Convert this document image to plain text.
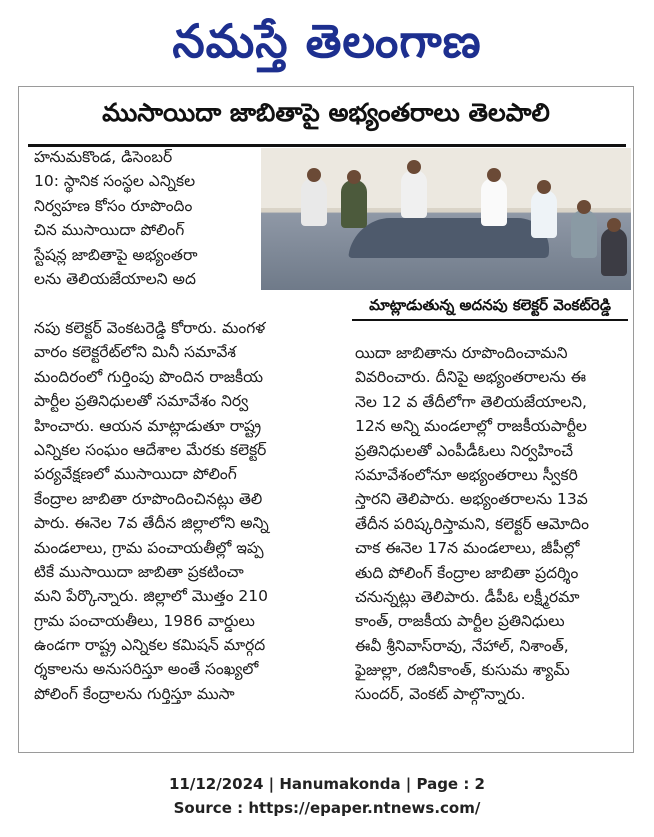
నమస్తే తెలంగాణ
ముసాయిదా జాబితాపై అభ్యంతరాలు తెలపాలి
హనుమకొండ, డిసెంబర్
10: స్థానిక సంస్థల ఎన్నికల
నిర్వహణ కోసం రూపొందిం
చిన ముసాయిదా పోలింగ్
స్టేషన్ల జాబితాపై అభ్యంతరా
లను తెలియజేయాలని అద
మాట్లాడుతున్న అదనపు కలెక్టర్ వెంకట్‌రెడ్డి
నపు కలెక్టర్ వెంకటరెడ్డి కోరారు. మంగళ
వారం కలెక్టరేట్‌లోని మినీ సమావేశ
మందిరంలో గుర్తింపు పొందిన రాజకీయ
పార్టీల ప్రతినిధులతో సమావేశం నిర్వ
హించారు. ఆయన మాట్లాడుతూ రాష్ట్ర
ఎన్నికల సంఘం ఆదేశాల మేరకు కలెక్టర్
పర్యవేక్షణలో ముసాయిదా పోలింగ్
కేంద్రాల జాబితా రూపొందించినట్లు తెలి
పారు. ఈనెల 7వ తేదీన జిల్లాలోని అన్ని
మండలాలు, గ్రామ పంచాయతీల్లో ఇప్ప
టికే ముసాయిదా జాబితా ప్రకటించా
మని పేర్కొన్నారు. జిల్లాలో మొత్తం 210
గ్రామ పంచాయతీలు, 1986 వార్డులు
ఉండగా రాష్ట్ర ఎన్నికల కమిషన్ మార్గద
ర్శకాలను అనుసరిస్తూ అంతే సంఖ్యలో
పోలింగ్ కేంద్రాలను గుర్తిస్తూ ముసా
యిదా జాబితాను రూపొందించామని
వివరించారు. దీనిపై అభ్యంతరాలను ఈ
నెల 12 వ తేదీలోగా తెలియజేయాలని,
12న అన్ని మండలాల్లో రాజకీయపార్టీల
ప్రతినిధులతో ఎంపీడీఓలు నిర్వహించే
సమావేశంలోనూ అభ్యంతరాలు స్వీకరి
స్తారని తెలిపారు. అభ్యంతరాలను 13వ
తేదీన పరిష్కరిస్తామని, కలెక్టర్ ఆమోదిం
చాక ఈనెల 17న మండలాలు, జీపీల్లో
తుది పోలింగ్ కేంద్రాల జాబితా ప్రదర్శిం
చనున్నట్లు తెలిపారు. డీపీఓ లక్ష్మీరమా
కాంత్, రాజకీయ పార్టీల ప్రతినిధులు
ఈవీ శ్రీనివాస్‌రావు, నేహాల్, నిశాంత్,
ఫైజుల్లా, రజినీకాంత్, కుసుమ శ్యామ్
సుందర్, వెంకట్ పాల్గొన్నారు.
11/12/2024 | Hanumakonda | Page : 2
Source : https://epaper.ntnews.com/
